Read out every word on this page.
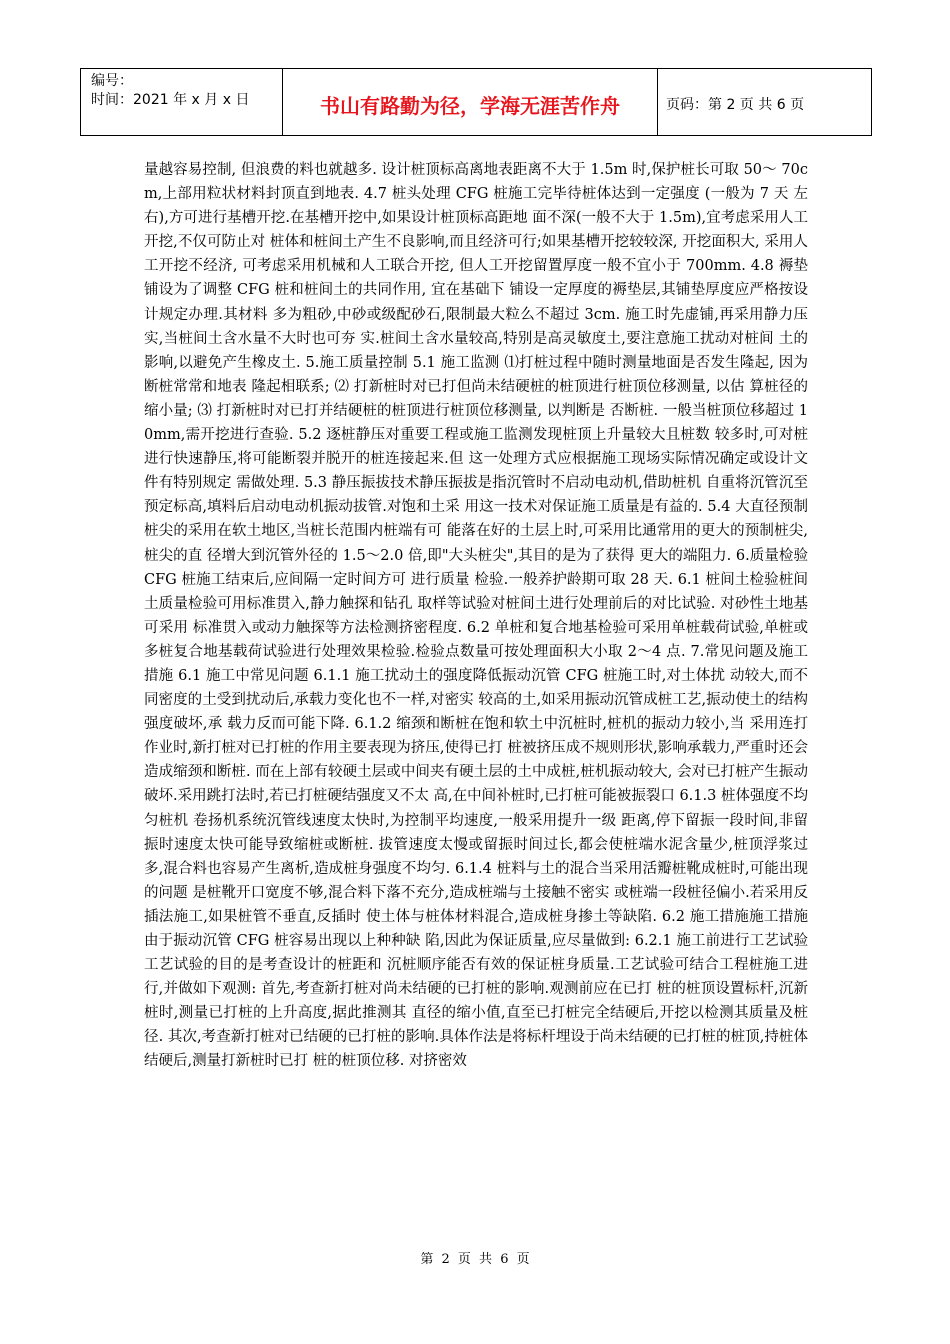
编号：
时间：2021 年 x 月 x 日	书山有路勤为径，学海无涯苦作舟	页码：第 2 页 共 6 页

量越容易控制, 但浪费的料也就越多. 设计桩顶标高离地表距离不大于 1.5m 时,保护桩长可取 50～ 70cm,上部用粒状材料封顶直到地表. 4.7 桩头处理 CFG 桩施工完毕待桩体达到一定强度 (一般为 7 天 左右),方可进行基槽开挖.在基槽开挖中,如果设计桩顶标高距地 面不深(一般不大于 1.5m),宜考虑采用人工开挖,不仅可防止对 桩体和桩间土产生不良影响,而且经济可行;如果基槽开挖较较深, 开挖面积大, 采用人工开挖不经济, 可考虑采用机械和人工联合开挖, 但人工开挖留置厚度一般不宜小于 700mm. 4.8 褥垫铺设为了调整 CFG 桩和桩间土的共同作用, 宜在基础下 铺设一定厚度的褥垫层,其铺垫厚度应严格按设计规定办理.其材料 多为粗砂,中砂或级配砂石,限制最大粒么不超过 3cm. 施工时先虚铺,再采用静力压实,当桩间土含水量不大时也可夯 实.桩间土含水量较高,特别是高灵敏度土,要注意施工扰动对桩间 土的影响,以避免产生橡皮土. 5.施工质量控制 5.1 施工监测 ⑴打桩过程中随时测量地面是否发生隆起, 因为断桩常常和地表 隆起相联系; ⑵ 打新桩时对已打但尚未结硬桩的桩顶进行桩顶位移测量, 以估 算桩径的缩小量; ⑶ 打新桩时对已打并结硬桩的桩顶进行桩顶位移测量, 以判断是 否断桩. 一般当桩顶位移超过 10mm,需开挖进行查验. 5.2 逐桩静压对重要工程或施工监测发现桩顶上升量较大且桩数 较多时,可对桩进行快速静压,将可能断裂并脱开的桩连接起来.但 这一处理方式应根据施工现场实际情况确定或设计文件有特别规定 需做处理. 5.3 静压振拔技术静压振拔是指沉管时不启动电动机,借助桩机 自重将沉管沉至预定标高,填料后启动电动机振动拔管.对饱和土采 用这一技术对保证施工质量是有益的. 5.4 大直径预制桩尖的采用在软土地区,当桩长范围内桩端有可 能落在好的土层上时,可采用比通常用的更大的预制桩尖,桩尖的直 径增大到沉管外径的 1.5～2.0 倍,即"大头桩尖",其目的是为了获得 更大的端阻力. 6.质量检验 CFG 桩施工结束后,应间隔一定时间方可 进行质量 检验.一般养护龄期可取 28 天. 6.1 桩间土检验桩间土质量检验可用标准贯入,静力触探和钻孔 取样等试验对桩间土进行处理前后的对比试验. 对砂性土地基可采用 标准贯入或动力触探等方法检测挤密程度. 6.2 单桩和复合地基检验可采用单桩载荷试验,单桩或多桩复合地基载荷试验进行处理效果检验.检验点数量可按处理面积大小取 2～4 点. 7.常见问题及施工措施 6.1 施工中常见问题 6.1.1 施工扰动土的强度降低振动沉管 CFG 桩施工时,对土体扰 动较大,而不同密度的土受到扰动后,承载力变化也不一样,对密实 较高的土,如采用振动沉管成桩工艺,振动使土的结构强度破坏,承 载力反而可能下降. 6.1.2 缩颈和断桩在饱和软土中沉桩时,桩机的振动力较小,当 采用连打作业时,新打桩对已打桩的作用主要表现为挤压,使得已打 桩被挤压成不规则形状,影响承载力,严重时还会造成缩颈和断桩. 而在上部有较硬土层或中间夹有硬土层的土中成桩,桩机振动较大, 会对已打桩产生振动破坏.采用跳打法时,若已打桩硬结强度又不太 高,在中间补桩时,已打桩可能被振裂口 6.1.3 桩体强度不均匀桩机 卷扬机系统沉管线速度太快时,为控制平均速度,一般采用提升一级 距离,停下留振一段时间,非留振时速度太快可能导致缩桩或断桩. 拔管速度太慢或留振时间过长,都会使桩端水泥含量少,桩顶浮浆过 多,混合料也容易产生离析,造成桩身强度不均匀. 6.1.4 桩料与土的混合当采用活瓣桩靴成桩时,可能出现的问题 是桩靴开口宽度不够,混合料下落不充分,造成桩端与土接触不密实 或桩端一段桩径偏小.若采用反插法施工,如果桩管不垂直,反插时 使土体与桩体材料混合,造成桩身掺土等缺陷. 6.2 施工措施施工措施由于振动沉管 CFG 桩容易出现以上种种缺 陷,因此为保证质量,应尽量做到: 6.2.1 施工前进行工艺试验工艺试验的目的是考查设计的桩距和 沉桩顺序能否有效的保证桩身质量.工艺试验可结合工程桩施工进行,并做如下观测: 首先,考查新打桩对尚未结硬的已打桩的影响.观测前应在已打 桩的桩顶设置标杆,沉新桩时,测量已打桩的上升高度,据此推测其 直径的缩小值,直至已打桩完全结硬后,开挖以检测其质量及桩径. 其次,考查新打桩对已结硬的已打桩的影响.具体作法是将标杆埋设于尚未结硬的已打桩的桩顶,持桩体结硬后,测量打新桩时已打 桩的桩顶位移. 对挤密效

第 2 页 共 6 页
